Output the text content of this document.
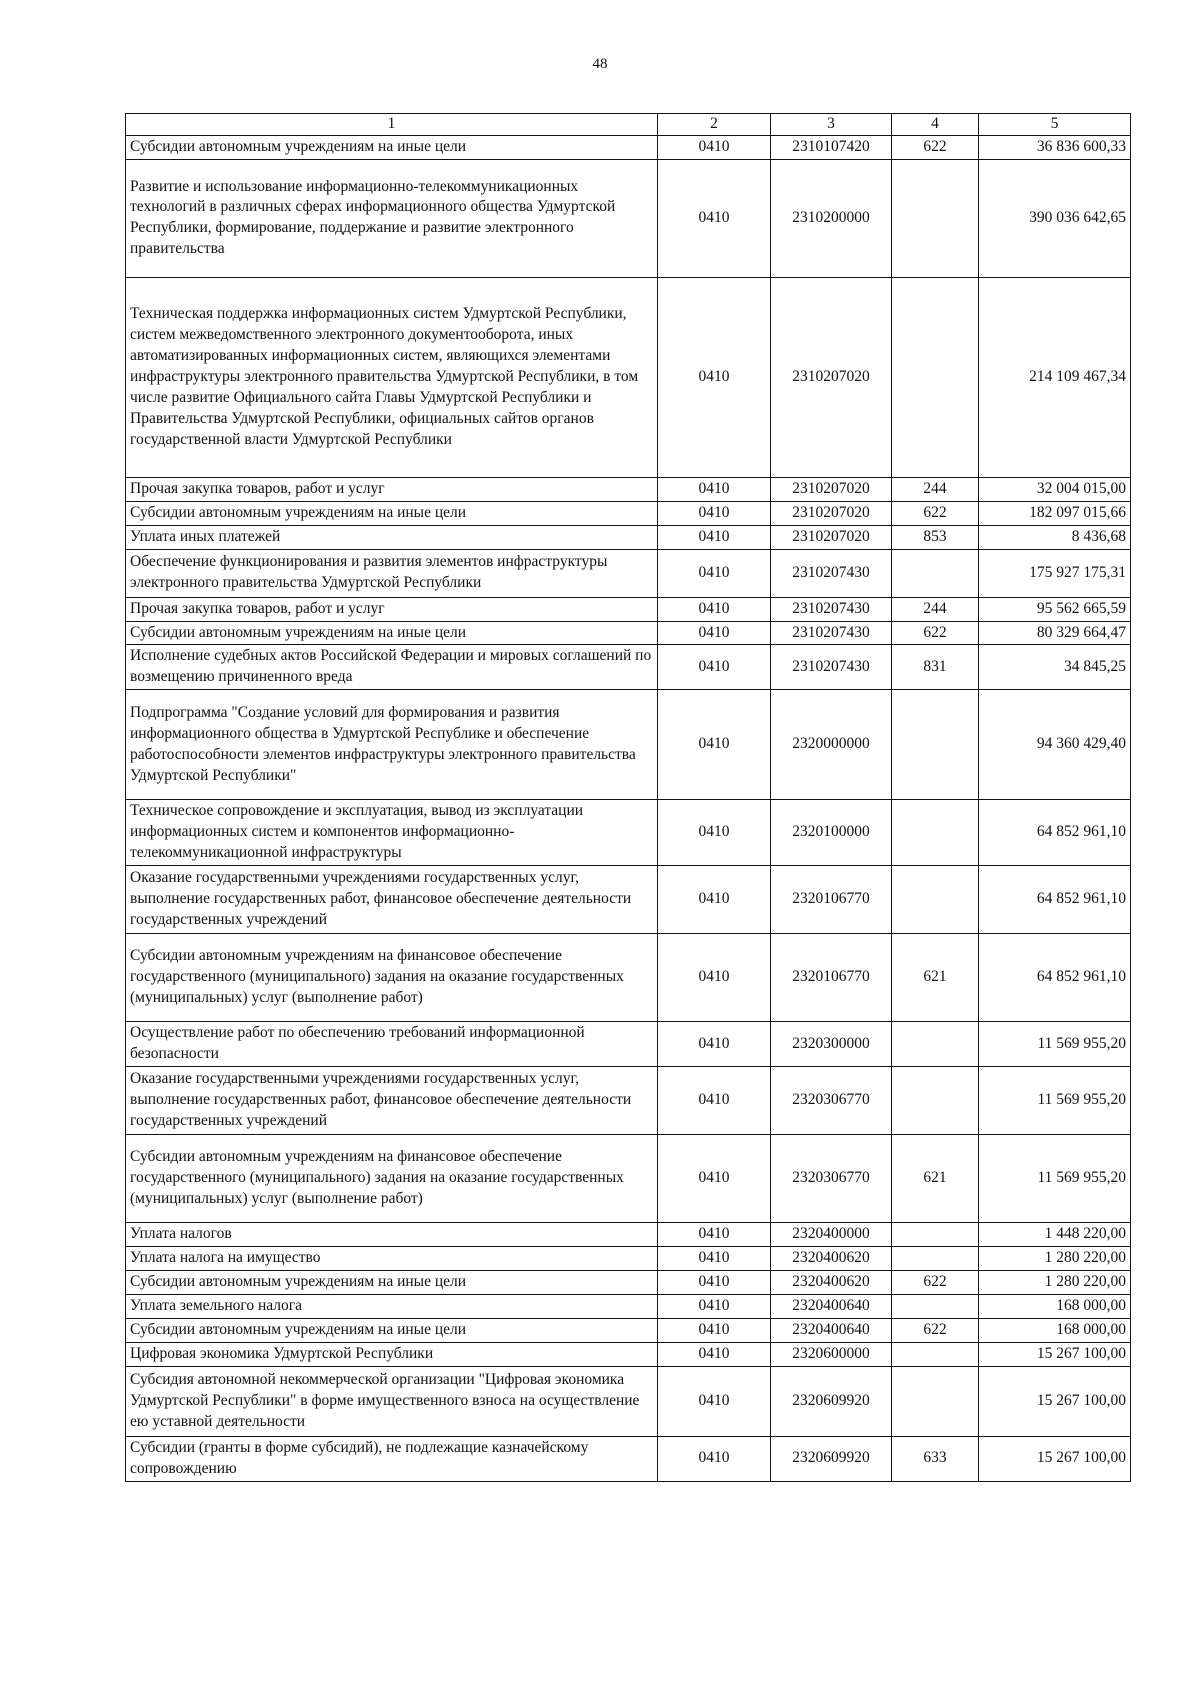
48
1	2	3	4	5
Субсидии автономным учреждениям на иные цели	0410	2310107420	622	36 836 600,33
Развитие и использование информационно-телекоммуникационных технологий в различных сферах информационного общества Удмуртской Республики, формирование, поддержание и развитие электронного правительства	0410	2310200000		390 036 642,65
Техническая поддержка информационных систем Удмуртской Республики, систем межведомственного электронного документооборота, иных автоматизированных информационных систем, являющихся элементами инфраструктуры электронного правительства Удмуртской Республики, в том числе развитие Официального сайта Главы Удмуртской Республики и Правительства Удмуртской Республики, официальных сайтов органов государственной власти Удмуртской Республики	0410	2310207020		214 109 467,34
Прочая закупка товаров, работ и услуг	0410	2310207020	244	32 004 015,00
Субсидии автономным учреждениям на иные цели	0410	2310207020	622	182 097 015,66
Уплата иных платежей	0410	2310207020	853	8 436,68
Обеспечение функционирования и развития элементов инфраструктуры электронного правительства Удмуртской Республики	0410	2310207430		175 927 175,31
Прочая закупка товаров, работ и услуг	0410	2310207430	244	95 562 665,59
Субсидии автономным учреждениям на иные цели	0410	2310207430	622	80 329 664,47
Исполнение судебных актов Российской Федерации и мировых соглашений по возмещению причиненного вреда	0410	2310207430	831	34 845,25
Подпрограмма "Создание условий для формирования и развития информационного общества в Удмуртской Республике и обеспечение работоспособности элементов инфраструктуры электронного правительства Удмуртской Республики"	0410	2320000000		94 360 429,40
Техническое сопровождение и эксплуатация, вывод из эксплуатации информационных систем и компонентов информационно-телекоммуникационной инфраструктуры	0410	2320100000		64 852 961,10
Оказание государственными учреждениями государственных услуг, выполнение государственных работ, финансовое обеспечение деятельности государственных учреждений	0410	2320106770		64 852 961,10
Субсидии автономным учреждениям на финансовое обеспечение государственного (муниципального) задания на оказание государственных (муниципальных) услуг (выполнение работ)	0410	2320106770	621	64 852 961,10
Осуществление работ по обеспечению требований информационной безопасности	0410	2320300000		11 569 955,20
Оказание государственными учреждениями государственных услуг, выполнение государственных работ, финансовое обеспечение деятельности государственных учреждений	0410	2320306770		11 569 955,20
Субсидии автономным учреждениям на финансовое обеспечение государственного (муниципального) задания на оказание государственных (муниципальных) услуг (выполнение работ)	0410	2320306770	621	11 569 955,20
Уплата налогов	0410	2320400000		1 448 220,00
Уплата налога на имущество	0410	2320400620		1 280 220,00
Субсидии автономным учреждениям на иные цели	0410	2320400620	622	1 280 220,00
Уплата земельного налога	0410	2320400640		168 000,00
Субсидии автономным учреждениям на иные цели	0410	2320400640	622	168 000,00
Цифровая экономика Удмуртской Республики	0410	2320600000		15 267 100,00
Субсидия автономной некоммерческой организации "Цифровая экономика Удмуртской Республики" в форме имущественного взноса на осуществление ею уставной деятельности	0410	2320609920		15 267 100,00
Субсидии (гранты в форме субсидий), не подлежащие казначейскому сопровождению	0410	2320609920	633	15 267 100,00
